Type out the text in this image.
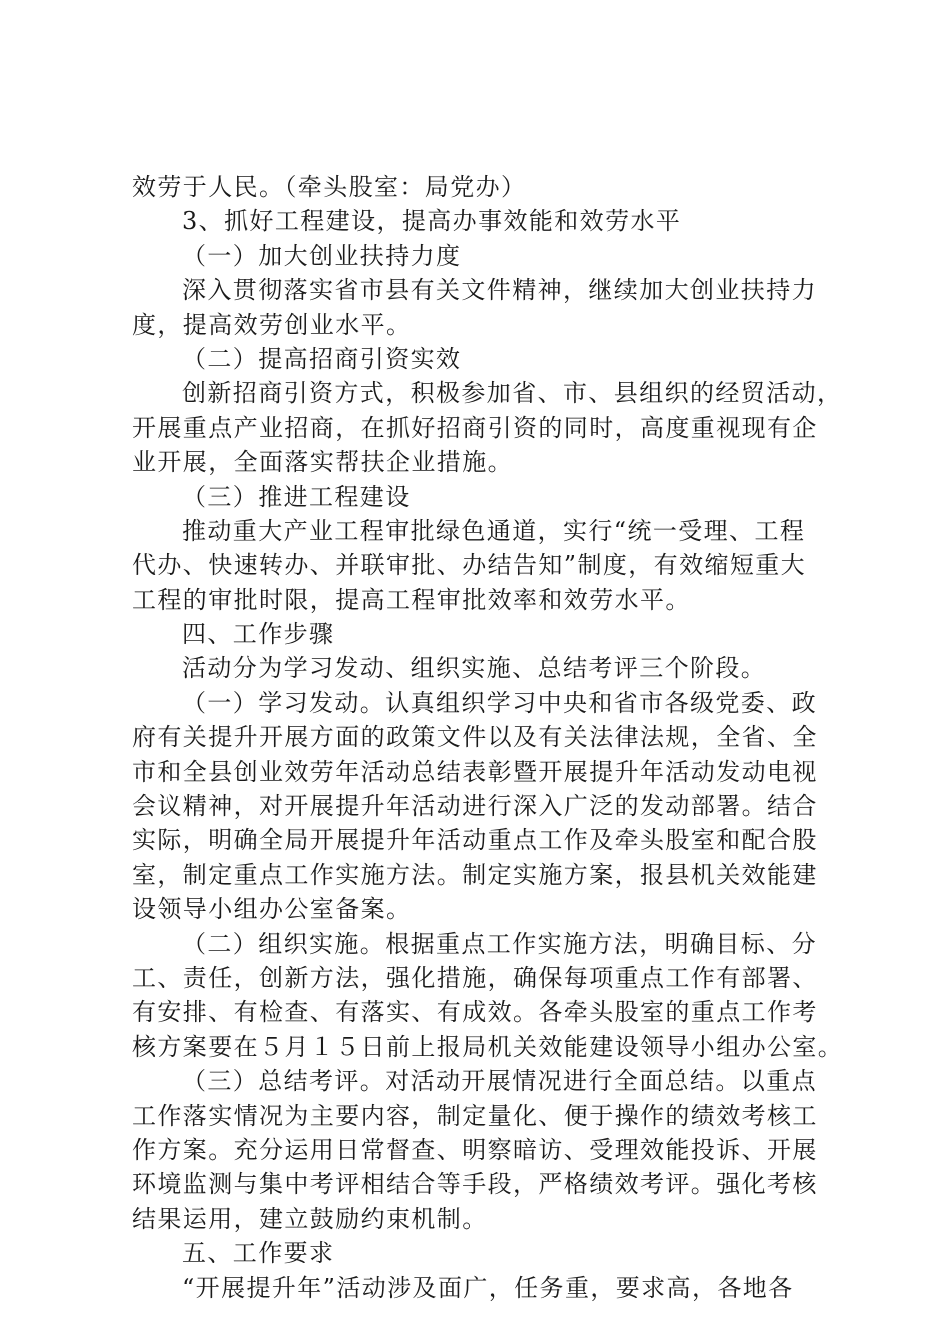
效劳于人民。（牵头股室：局党办）
3、抓好工程建设，提高办事效能和效劳水平
（一）加大创业扶持力度
深入贯彻落实省市县有关文件精神，继续加大创业扶持力
度，提高效劳创业水平。
（二）提高招商引资实效
创新招商引资方式，积极参加省、市、县组织的经贸活动，
开展重点产业招商，在抓好招商引资的同时，高度重视现有企
业开展，全面落实帮扶企业措施。
（三）推进工程建设
推动重大产业工程审批绿色通道，实行“统一受理、工程
代办、快速转办、并联审批、办结告知”制度，有效缩短重大
工程的审批时限，提高工程审批效率和效劳水平。
四、工作步骤
活动分为学习发动、组织实施、总结考评三个阶段。
（一）学习发动。认真组织学习中央和省市各级党委、政
府有关提升开展方面的政策文件以及有关法律法规，全省、全
市和全县创业效劳年活动总结表彰暨开展提升年活动发动电视
会议精神，对开展提升年活动进行深入广泛的发动部署。结合
实际，明确全局开展提升年活动重点工作及牵头股室和配合股
室，制定重点工作实施方法。制定实施方案，报县机关效能建
设领导小组办公室备案。
（二）组织实施。根据重点工作实施方法，明确目标、分
工、责任，创新方法，强化措施，确保每项重点工作有部署、
有安排、有检查、有落实、有成效。各牵头股室的重点工作考
核方案要在５月１５日前上报局机关效能建设领导小组办公室。
（三）总结考评。对活动开展情况进行全面总结。以重点
工作落实情况为主要内容，制定量化、便于操作的绩效考核工
作方案。充分运用日常督查、明察暗访、受理效能投诉、开展
环境监测与集中考评相结合等手段，严格绩效考评。强化考核
结果运用，建立鼓励约束机制。
五、工作要求
“开展提升年”活动涉及面广，任务重，要求高，各地各
